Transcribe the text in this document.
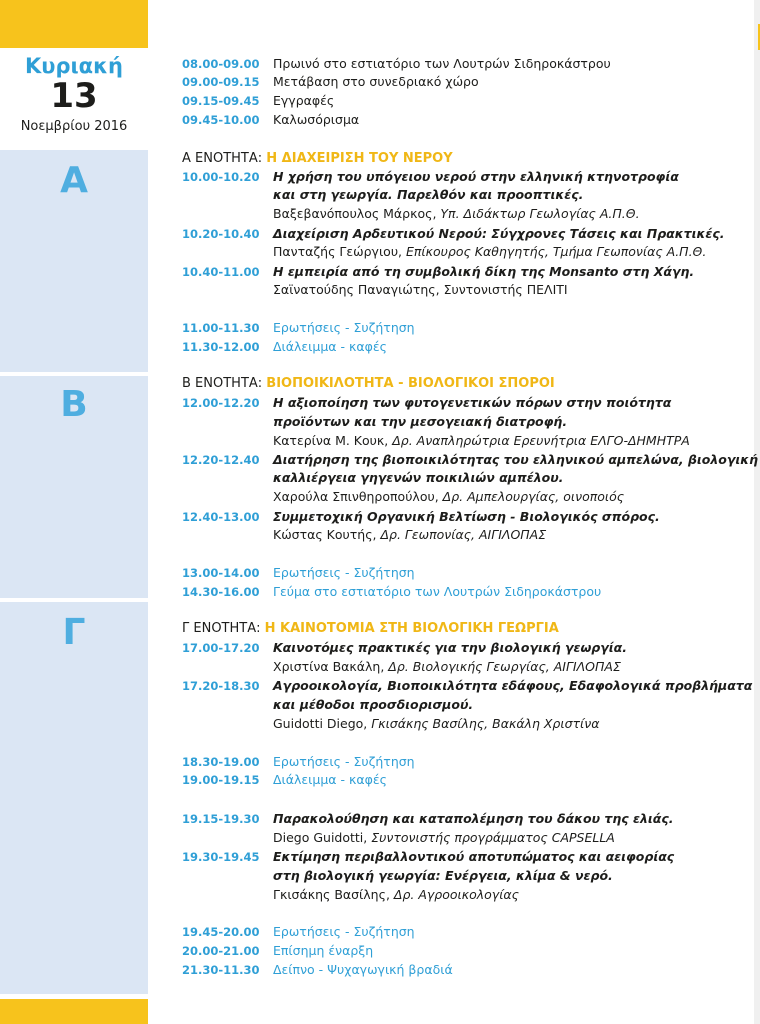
Κυριακή
13
Νοεμβρίου 2016
08.00-09.00 Πρωινό στο εστιατόριο των Λουτρών Σιδηροκάστρου
09.00-09.15 Μετάβαση στο συνεδριακό χώρο
09.15-09.45 Εγγραφές
09.45-10.00 Καλωσόρισμα
Α
Α ΕΝΟΤΗΤΑ: Η ΔΙΑΧΕΙΡΙΣΗ ΤΟΥ ΝΕΡΟΥ
10.00-10.20 Η χρήση του υπόγειου νερού στην ελληνική κτηνοτροφία
και στη γεωργία. Παρελθόν και προοπτικές.
Βαξεβανόπουλος Μάρκος, Υπ. Διδάκτωρ Γεωλογίας Α.Π.Θ.
10.20-10.40 Διαχείριση Αρδευτικού Νερού: Σύγχρονες Τάσεις και Πρακτικές.
Πανταζής Γεώργιου, Επίκουρος Καθηγητής, Τμήμα Γεωπονίας Α.Π.Θ.
10.40-11.00 Η εμπειρία από τη συμβολική δίκη της Monsanto στη Χάγη.
Σαϊνατούδης Παναγιώτης, Συντονιστής ΠΕΛΙΤΙ
11.00-11.30 Ερωτήσεις - Συζήτηση
11.30-12.00 Διάλειμμα - καφές
Β
Β ΕΝΟΤΗΤΑ: ΒΙΟΠΟΙΚΙΛΟΤΗΤΑ - ΒΙΟΛΟΓΙΚΟΙ ΣΠΟΡΟΙ
12.00-12.20 Η αξιοποίηση των φυτογενετικών πόρων στην ποιότητα
προϊόντων και την μεσογειακή διατροφή.
Κατερίνα Μ. Κουκ, Δρ. Αναπληρώτρια Ερευνήτρια ΕΛΓΟ-ΔΗΜΗΤΡΑ
12.20-12.40 Διατήρηση της βιοποικιλότητας του ελληνικού αμπελώνα, βιολογική
καλλιέργεια γηγενών ποικιλιών αμπέλου.
Χαρούλα Σπινθηροπούλου, Δρ. Αμπελουργίας, οινοποιός
12.40-13.00 Συμμετοχική Οργανική Βελτίωση - Βιολογικός σπόρος.
Κώστας Κουτής, Δρ. Γεωπονίας, ΑΙΓΙΛΟΠΑΣ
13.00-14.00 Ερωτήσεις - Συζήτηση
14.30-16.00 Γεύμα στο εστιατόριο των Λουτρών Σιδηροκάστρου
Γ	Γ ΕΝΟΤΗΤΑ: Η ΚΑΙΝΟΤΟΜΙΑ ΣΤΗ ΒΙΟΛΟΓΙΚΗ ΓΕΩΡΓΙΑ
17.00-17.20 Καινοτόμες πρακτικές για την βιολογική γεωργία.
Χριστίνα Βακάλη, Δρ. Βιολογικής Γεωργίας, ΑΙΓΙΛΟΠΑΣ
17.20-18.30 Αγροοικολογία, Βιοποικιλότητα εδάφους, Εδαφολογικά προβλήματα
και μέθοδοι προσδιορισμού.
Guidotti Diego, Γκισάκης Βασίλης, Βακάλη Χριστίνα
18.30-19.00 Ερωτήσεις - Συζήτηση
19.00-19.15 Διάλειμμα - καφές
19.15-19.30 Παρακολούθηση και καταπολέμηση του δάκου της ελιάς.
Diego Guidotti, Συντονιστής προγράμματος CAPSELLA
19.30-19.45 Εκτίμηση περιβαλλοντικού αποτυπώματος και αειφορίας
στη βιολογική γεωργία: Ενέργεια, κλίμα & νερό.
Γκισάκης Βασίλης, Δρ. Αγροοικολογίας
19.45-20.00 Ερωτήσεις - Συζήτηση
20.00-21.00 Επίσημη έναρξη
21.30-11.30 Δείπνο - Ψυχαγωγική βραδιά
